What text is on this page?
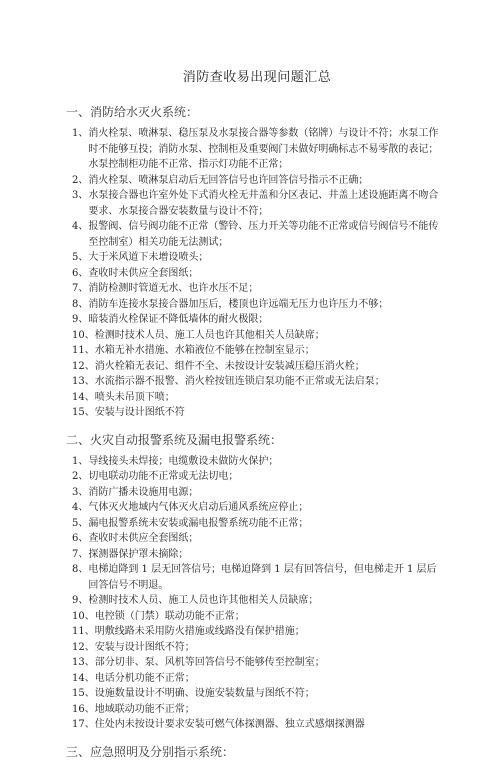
消防查收易出现问题汇总
一、消防给水灭火系统：
1、 消火栓泵、喷淋泵、稳压泵及水泵接合器等参数（铭牌）与设计不符；水泵工作时不能够互投；消防水泵、控制柜及重要阀门未做好明确标志不易零散的表记；水泵控制柜功能不正常、指示灯功能不正常；
2、 消火栓泵、喷淋泵启动后无回答信号也许回答信号指示不正确；
3、 水泵接合器也许室外处下式消火栓无井盖和分区表记、井盖上述设施距离不吻合要求、水泵接合器安装数量与设计不符；
4、 报警阀、信号阀功能不正常（警铃、压力开关等功能不正常或信号阀信号不能传至控制室）相关功能无法测试；
5、 大于米风道下未增设喷头；
6、 查收时未供应全套图纸；
7、 消防检测时管道无水、也许水压不足；
8、 消防车连接水泵接合器加压后，楼顶也许远端无压力也许压力不够；
9、 暗装消火栓保证不降低墙体的耐火极限；
10、 检测时技术人员、施工人员也许其他相关人员缺席；
11、 水箱无补水措施、水箱液位不能够在控制室显示；
12、 消火栓箱无表记、组件不全、未按设计安装减压稳压消火栓；
13、 水流指示器不报警、消火栓按钮连锁启泵功能不正常或无法启泵；
14、 喷头未吊顶下喷；
15、 安装与设计图纸不符
二、火灾自动报警系统及漏电报警系统：
1、 导线接头未焊接；电缆敷设未做防火保护；
2、 切电联动功能不正常或无法切电；
3、 消防广播未设施用电源；
4、 气体灭火地域内气体灭火启动后通风系统应停止；
5、 漏电报警系统未安装或漏电报警系统功能不正常；
6、 查收时未供应全套图纸；
7、 探测器保护罩未摘除；
8、 电梯迫降到 1 层无回答信号；电梯迫降到 1 层有回答信号，但电梯走开 1 层后回答信号不明退。
9、 检测时技术人员、施工人员也许其他相关人员缺席；
10、 电控锁（门禁）联动功能不正常；
11、 明敷线路未采用防火措施或线路没有保护措施；
12、 安装与设计图纸不符；
13、 部分切非、泵、风机等回答信号不能够传至控制室；
14、 电话分机功能不正常；
15、 设施数量设计不明确、设施安装数量与图纸不符；
16、 地域联动功能不正常；
17、 住处内未按设计要求安装可燃气体探测器、独立式感烟探测器
三、应急照明及分别指示系统：
